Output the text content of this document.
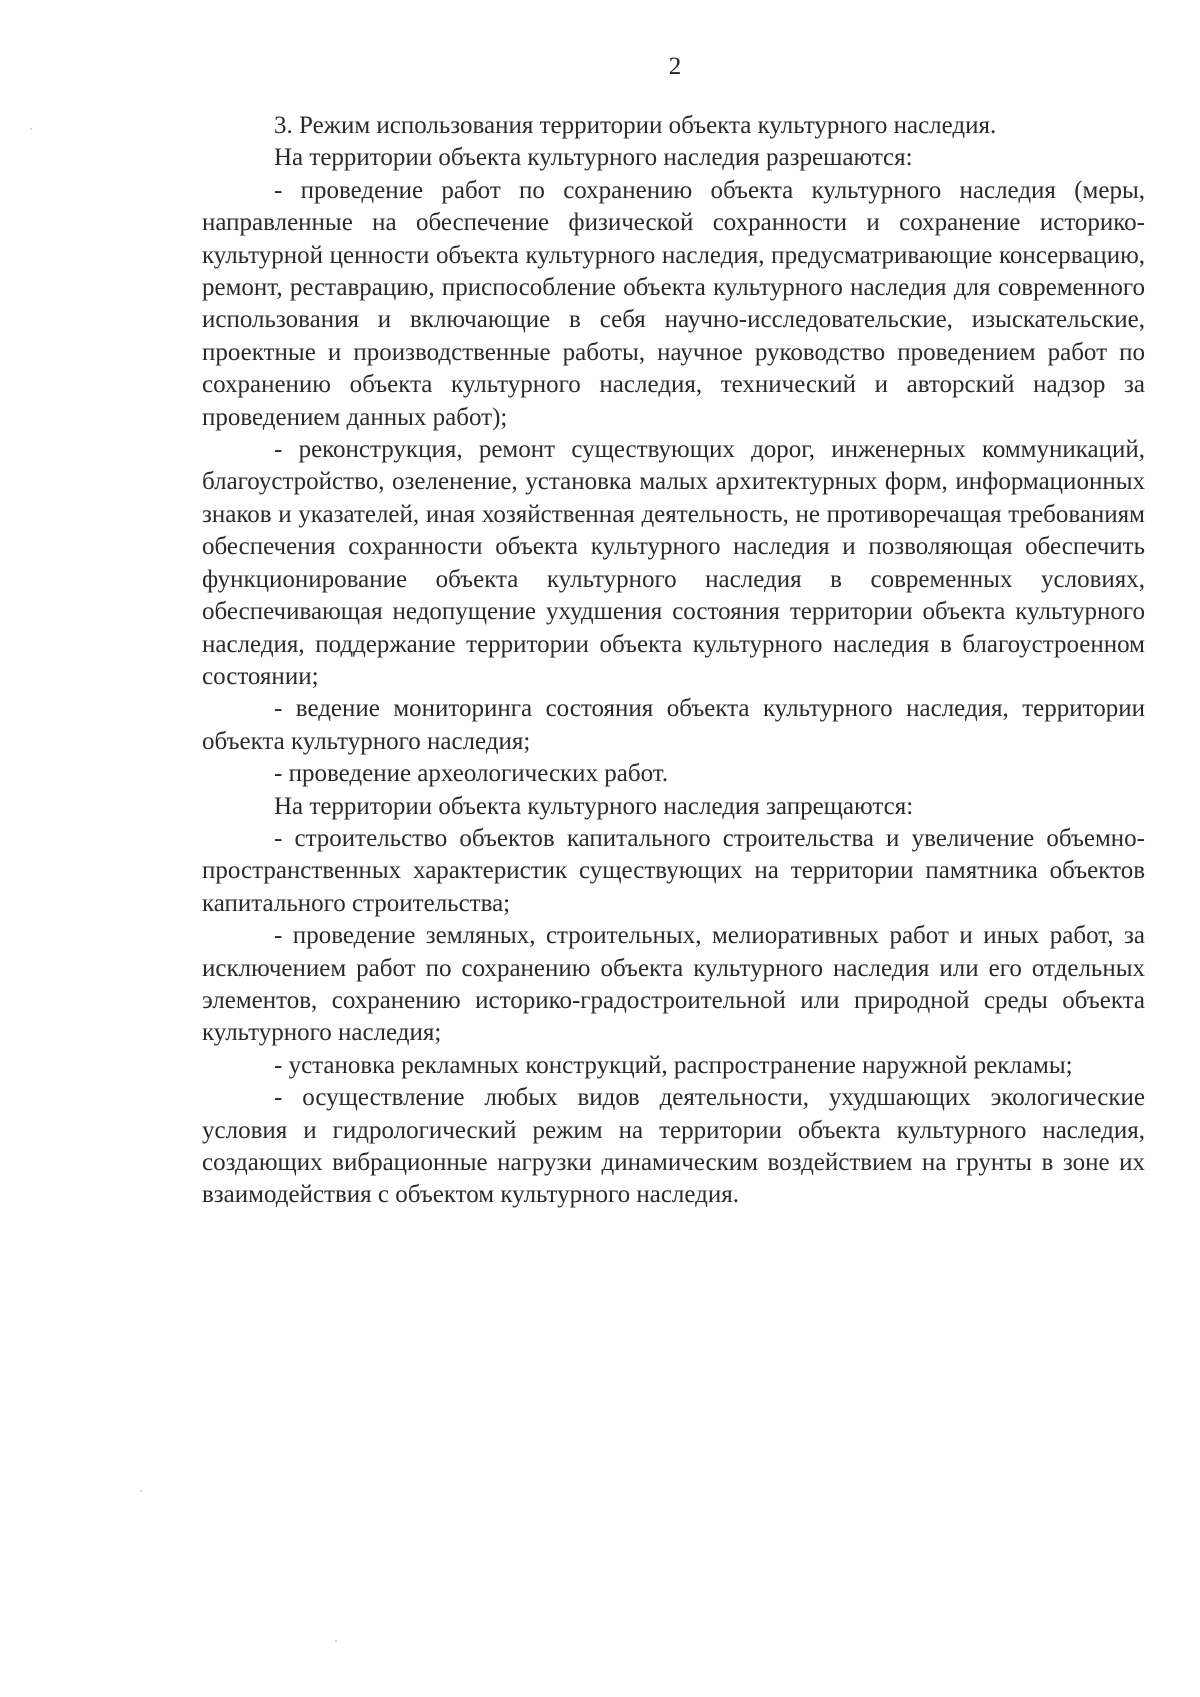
2

3. Режим использования территории объекта культурного наследия.

На территории объекта культурного наследия разрешаются:

- проведение работ по сохранению объекта культурного наследия (меры, направленные на обеспечение физической сохранности и сохранение историко-культурной ценности объекта культурного наследия, предусматривающие консервацию, ремонт, реставрацию, приспособление объекта культурного наследия для современного использования и включающие в себя научно-исследовательские, изыскательские, проектные и производственные работы, научное руководство проведением работ по сохранению объекта культурного наследия, технический и авторский надзор за проведением данных работ);

- реконструкция, ремонт существующих дорог, инженерных коммуникаций, благоустройство, озеленение, установка малых архитектурных форм, информационных знаков и указателей, иная хозяйственная деятельность, не противоречащая требованиям обеспечения сохранности объекта культурного наследия и позволяющая обеспечить функционирование объекта культурного наследия в современных условиях, обеспечивающая недопущение ухудшения состояния территории объекта культурного наследия, поддержание территории объекта культурного наследия в благоустроенном состоянии;

- ведение мониторинга состояния объекта культурного наследия, территории объекта культурного наследия;

- проведение археологических работ.

На территории объекта культурного наследия запрещаются:

- строительство объектов капитального строительства и увеличение объемно-пространственных характеристик существующих на территории памятника объектов капитального строительства;

- проведение земляных, строительных, мелиоративных работ и иных работ, за исключением работ по сохранению объекта культурного наследия или его отдельных элементов, сохранению историко-градостроительной или природной среды объекта культурного наследия;

- установка рекламных конструкций, распространение наружной рекламы;

- осуществление любых видов деятельности, ухудшающих экологические условия и гидрологический режим на территории объекта культурного наследия, создающих вибрационные нагрузки динамическим воздействием на грунты в зоне их взаимодействия с объектом культурного наследия.
